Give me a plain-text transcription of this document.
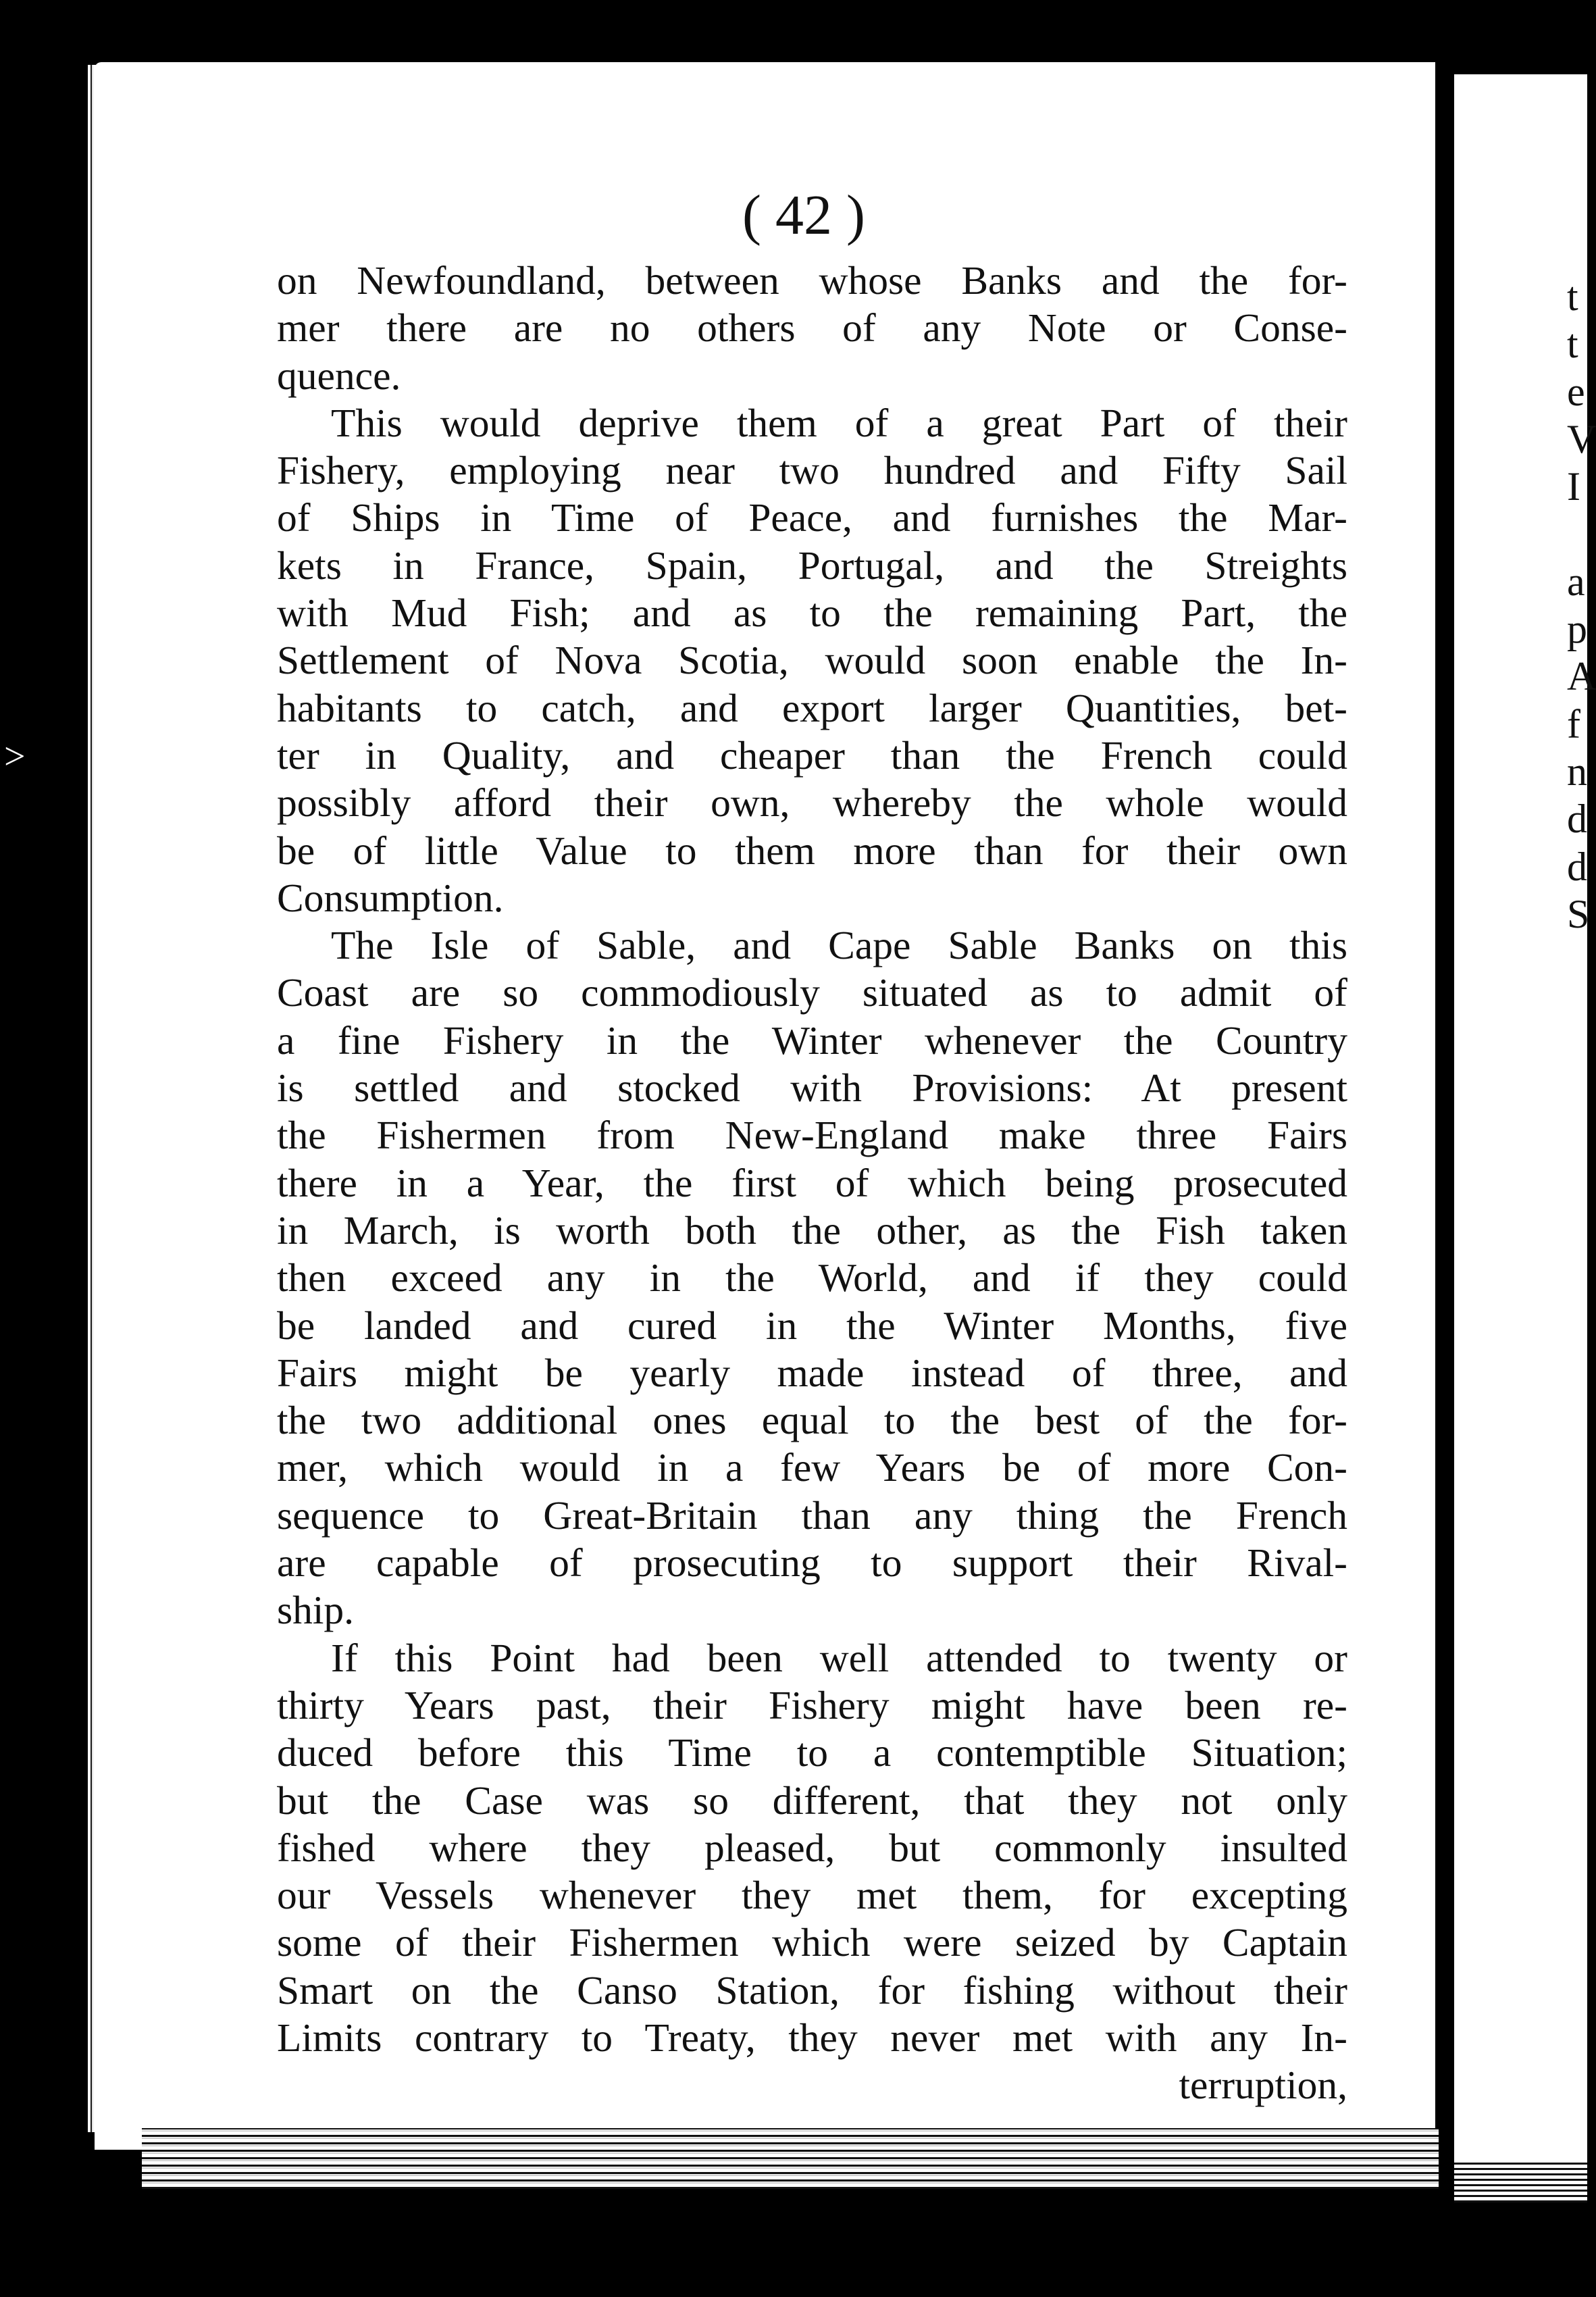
>
( 42 )
on Newfoundland, between whose Banks and the for-
mer there are no others of any Note or Conse-
quence.
This would deprive them of a great Part of their
Fishery, employing near two hundred and Fifty Sail
of Ships in Time of Peace, and furnishes the Mar-
kets in France, Spain, Portugal, and the Streights
with Mud Fish; and as to the remaining Part, the
Settlement of Nova Scotia, would soon enable the In-
habitants to catch, and export larger Quantities, bet-
ter in Quality, and cheaper than the French could
possibly afford their own, whereby the whole would
be of little Value to them more than for their own
Consumption.
The Isle of Sable, and Cape Sable Banks on this
Coast are so commodiously situated as to admit of
a fine Fishery in the Winter whenever the Country
is settled and stocked with Provisions: At present
the Fishermen from New-England make three Fairs
there in a Year, the first of which being prosecuted
in March, is worth both the other, as the Fish taken
then exceed any in the World, and if they could
be landed and cured in the Winter Months, five
Fairs might be yearly made instead of three, and
the two additional ones equal to the best of the for-
mer, which would in a few Years be of more Con-
sequence to Great-Britain than any thing the French
are capable of prosecuting to support their Rival-
ship.
If this Point had been well attended to twenty or
thirty Years past, their Fishery might have been re-
duced before this Time to a contemptible Situation;
but the Case was so different, that they not only
fished where they pleased, but commonly insulted
our Vessels whenever they met them, for excepting
some of their Fishermen which were seized by Captain
Smart on the Canso Station, for fishing without their
Limits contrary to Treaty, they never met with any In-
terruption,
t
t
e
V
I
a
p
A
f
n
d
d
S
